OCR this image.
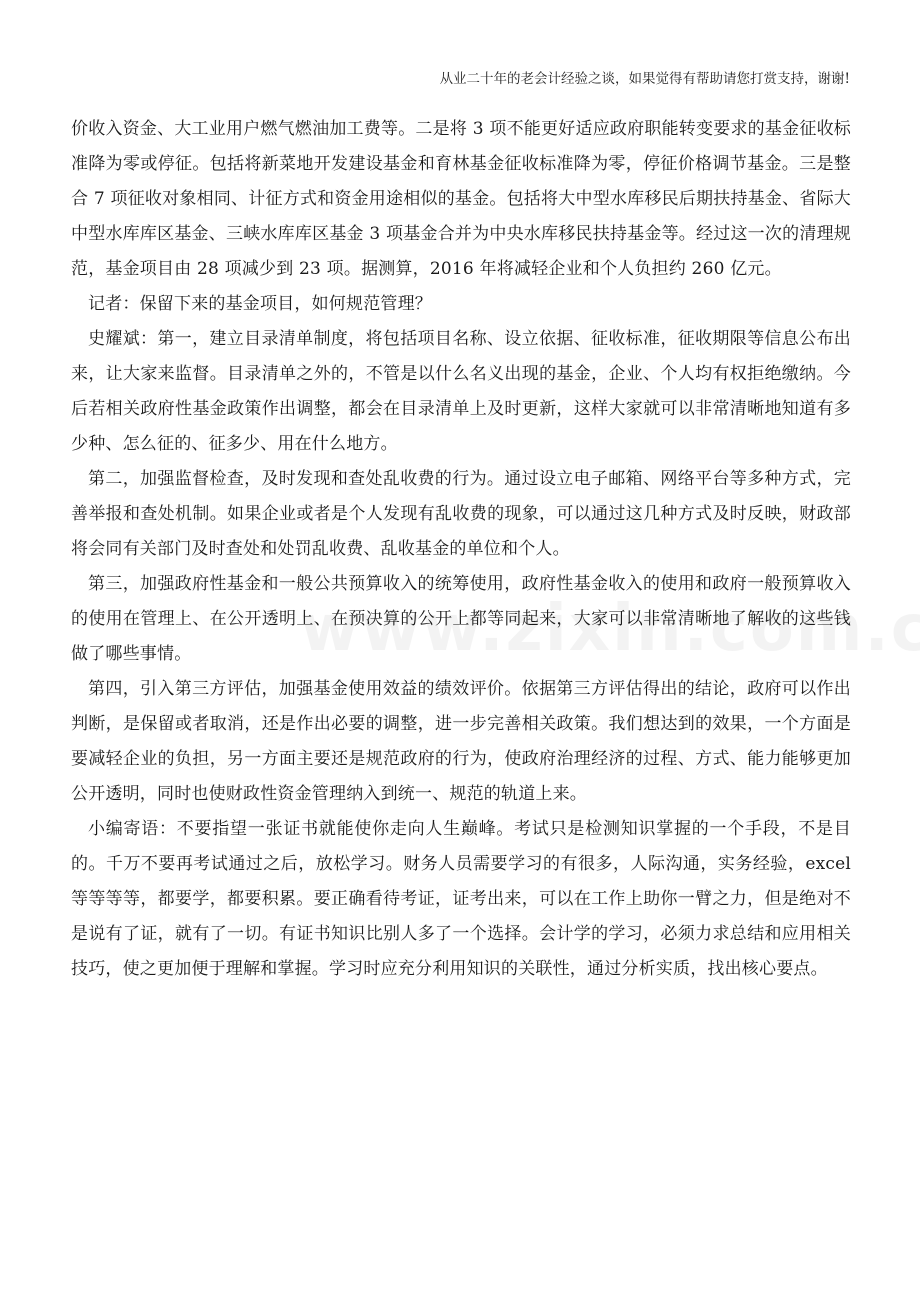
从业二十年的老会计经验之谈，如果觉得有帮助请您打赏支持，谢谢!

价收入资金、大工业用户燃气燃油加工费等。二是将 3 项不能更好适应政府职能转变要求的基金征收标准降为零或停征。包括将新菜地开发建设基金和育林基金征收标准降为零，停征价格调节基金。三是整合 7 项征收对象相同、计征方式和资金用途相似的基金。包括将大中型水库移民后期扶持基金、省际大中型水库库区基金、三峡水库库区基金 3 项基金合并为中央水库移民扶持基金等。经过这一次的清理规范，基金项目由 28 项减少到 23 项。据测算，2016 年将减轻企业和个人负担约 260 亿元。

记者：保留下来的基金项目，如何规范管理？

史耀斌：第一，建立目录清单制度，将包括项目名称、设立依据、征收标准，征收期限等信息公布出来，让大家来监督。目录清单之外的，不管是以什么名义出现的基金，企业、个人均有权拒绝缴纳。今后若相关政府性基金政策作出调整，都会在目录清单上及时更新，这样大家就可以非常清晰地知道有多少种、怎么征的、征多少、用在什么地方。

第二，加强监督检查，及时发现和查处乱收费的行为。通过设立电子邮箱、网络平台等多种方式，完善举报和查处机制。如果企业或者是个人发现有乱收费的现象，可以通过这几种方式及时反映，财政部将会同有关部门及时查处和处罚乱收费、乱收基金的单位和个人。

第三，加强政府性基金和一般公共预算收入的统筹使用，政府性基金收入的使用和政府一般预算收入的使用在管理上、在公开透明上、在预决算的公开上都等同起来，大家可以非常清晰地了解收的这些钱做了哪些事情。

第四，引入第三方评估，加强基金使用效益的绩效评价。依据第三方评估得出的结论，政府可以作出判断，是保留或者取消，还是作出必要的调整，进一步完善相关政策。我们想达到的效果，一个方面是要减轻企业的负担，另一方面主要还是规范政府的行为，使政府治理经济的过程、方式、能力能够更加公开透明，同时也使财政性资金管理纳入到统一、规范的轨道上来。

小编寄语：不要指望一张证书就能使你走向人生巅峰。考试只是检测知识掌握的一个手段，不是目的。千万不要再考试通过之后，放松学习。财务人员需要学习的有很多，人际沟通，实务经验，excel 等等等等，都要学，都要积累。要正确看待考证，证考出来，可以在工作上助你一臂之力，但是绝对不是说有了证，就有了一切。有证书知识比别人多了一个选择。会计学的学习，必须力求总结和应用相关技巧，使之更加便于理解和掌握。学习时应充分利用知识的关联性，通过分析实质，找出核心要点。
